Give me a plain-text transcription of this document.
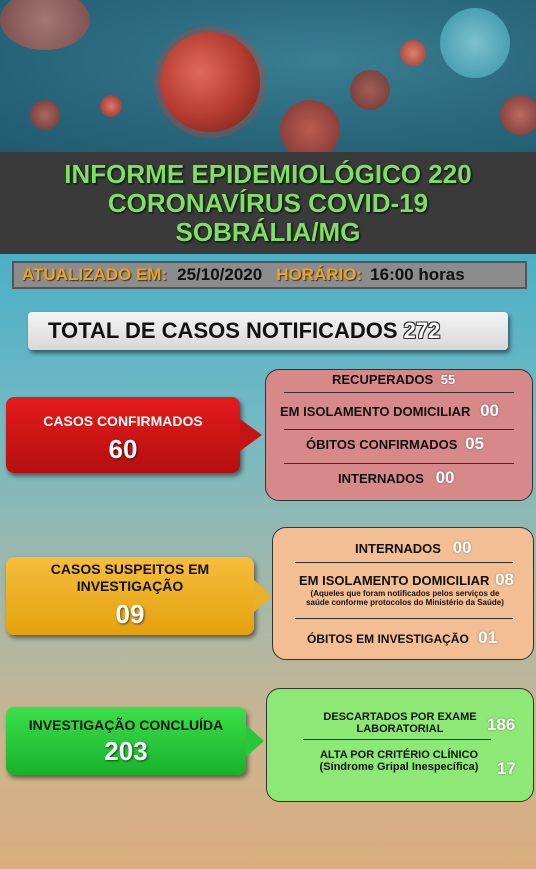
INFORME EPIDEMIOLÓGICO 220
CORONAVÍRUS COVID-19
SOBRÁLIA/MG
ATUALIZADO EM: 25/10/2020 HORÁRIO: 16:00 horas
TOTAL DE CASOS NOTIFICADOS 272
CASOS CONFIRMADOS
60
RECUPERADOS 55
EM ISOLAMENTO DOMICILIAR 00
ÓBITOS CONFIRMADOS 05
INTERNADOS 00
CASOS SUSPEITOS EM
INVESTIGAÇÃO
09
INTERNADOS 00
EM ISOLAMENTO DOMICILIAR 08
(Aqueles que foram notificados pelos serviços de
saúde conforme protocolos do Ministério da Saúde)
ÓBITOS EM INVESTIGAÇÃO 01
INVESTIGAÇÃO CONCLUÍDA
203
DESCARTADOS POR EXAME
LABORATORIAL	186
ALTA POR CRITÉRIO CLÍNICO
(Síndrome Gripal Inespecífica)	17
